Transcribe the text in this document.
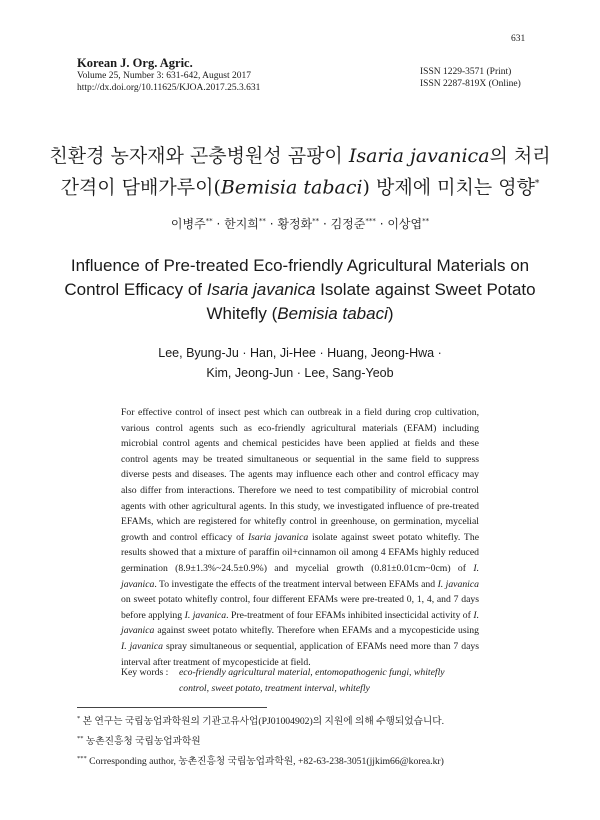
631
Korean J. Org. Agric.
Volume 25, Number 3: 631-642, August 2017
http://dx.doi.org/10.11625/KJOA.2017.25.3.631
ISSN 1229-3571 (Print)
ISSN 2287-819X (Online)
친환경 농자재와 곤충병원성 곰팡이 Isaria javanica의 처리
간격이 담배가루이(Bemisia tabaci) 방제에 미치는 영향*
이병주** · 한지희** · 황정화** · 김정준*** · 이상엽**
Influence of Pre-treated Eco-friendly Agricultural Materials on
Control Efficacy of Isaria javanica Isolate against Sweet Potato
Whitefly (Bemisia tabaci)
Lee, Byung-Ju · Han, Ji-Hee · Huang, Jeong-Hwa ·
Kim, Jeong-Jun · Lee, Sang-Yeob
For effective control of insect pest which can outbreak in a field during crop cultivation, various control agents such as eco-friendly agricultural materials (EFAM) including microbial control agents and chemical pesticides have been applied at fields and these control agents may be treated simultaneous or sequential in the same field to suppress diverse pests and diseases. The agents may influence each other and control efficacy may also differ from interactions. Therefore we need to test compatibility of microbial control agents with other agricultural agents. In this study, we investigated influence of pre-treated EFAMs, which are registered for whitefly control in greenhouse, on germination, mycelial growth and control efficacy of Isaria javanica isolate against sweet potato whitefly. The results showed that a mixture of paraffin oil+cinnamon oil among 4 EFAMs highly reduced germination (8.9±1.3%~24.5±0.9%) and mycelial growth (0.81±0.01cm~0cm) of I. javanica. To investigate the effects of the treatment interval between EFAMs and I. javanica on sweet potato whitefly control, four different EFAMs were pre-treated 0, 1, 4, and 7 days before applying I. javanica. Pre-treatment of four EFAMs inhibited insecticidal activity of I. javanica against sweet potato whitefly. Therefore when EFAMs and a mycopesticide using I. javanica spray simultaneous or sequential, application of EFAMs need more than 7 days interval after treatment of mycopesticide at field.
Key words : eco-friendly agricultural material, entomopathogenic fungi, whitefly control, sweet potato, treatment interval, whitefly
* 본 연구는 국립농업과학원의 기관고유사업(PJ01004902)의 지원에 의해 수행되었습니다.
** 농촌진흥청 국립농업과학원
*** Corresponding author, 농촌진흥청 국립농업과학원, +82-63-238-3051(jjkim66@korea.kr)
